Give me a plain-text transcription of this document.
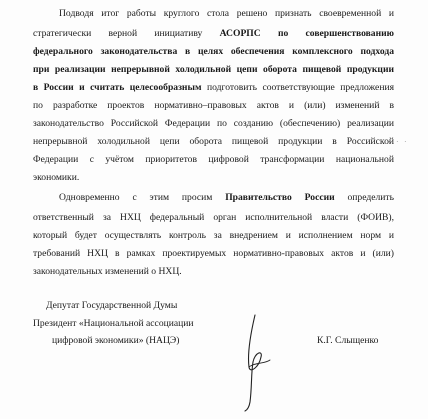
Подводя итог работы круглого стола решено признать своевременной и
стратегически верной инициативу АСОРПС по совершенствованию
федерального законодательства в целях обеспечения комплексного подхода
при реализации непрерывной холодильной цепи оборота пищевой продукции
в России и считать целесообразным подготовить соответствующие предложения
по разработке проектов нормативно–правовых актов и (или) изменений в
законодательство Российской Федерации по созданию (обеспечению) реализации
непрерывной холодильной цепи оборота пищевой продукции в Российской
Федерации с учётом приоритетов цифровой трансформации национальной
экономики.
· · ·
Одновременно с этим просим Правительство России определить
ответственный за НХЦ федеральный орган исполнительной власти (ФОИВ),
который будет осуществлять контроль за внедрением и исполнением норм и
требований НХЦ в рамках проектируемых нормативно-правовых актов и (или)
законодательных изменений о НХЦ.
Депутат Государственной Думы
Президент «Национальной ассоциации
цифровой экономики» (НАЦЭ)	К.Г. Слыщенко
